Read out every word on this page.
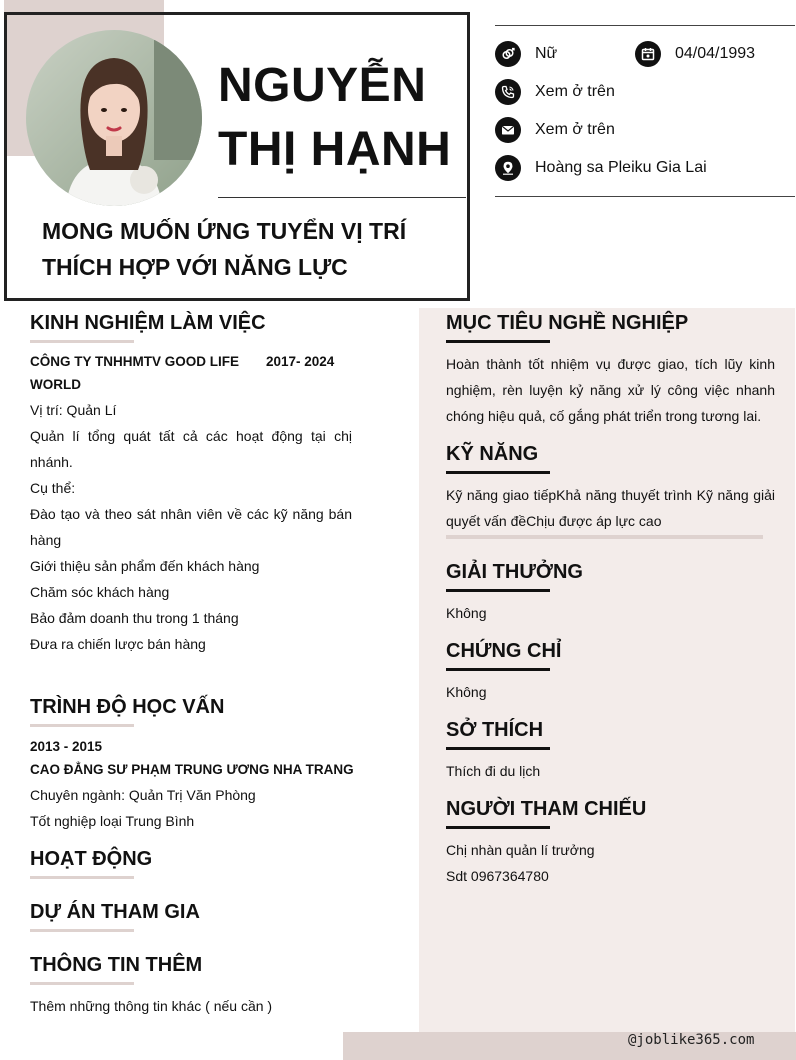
NGUYỄN
THỊ HẠNH
MONG MUỐN ỨNG TUYỂN VỊ TRÍ THÍCH HỢP VỚI NĂNG LỰC
Nữ	04/04/1993
Xem ở trên
Xem ở trên
Hoàng sa Pleiku Gia Lai
KINH NGHIỆM LÀM VIỆC
CÔNG TY TNHHMTV GOOD LIFE 2017- 2024
WORLD
Vị trí: Quản Lí
Quản lí tổng quát tất cả các hoạt động tại chị nhánh.
Cụ thể:
Đào tạo và theo sát nhân viên về các kỹ năng bán hàng
Giới thiệu sản phẩm đến khách hàng
Chăm sóc khách hàng
Bảo đảm doanh thu trong 1 tháng
Đưa ra chiến lược bán hàng
TRÌNH ĐỘ HỌC VẤN
2013 - 2015
CAO ĐẲNG SƯ PHẠM TRUNG ƯƠNG NHA TRANG
Chuyên ngành: Quản Trị Văn Phòng
Tốt nghiệp loại Trung Bình
HOẠT ĐỘNG
DỰ ÁN THAM GIA
THÔNG TIN THÊM
Thêm những thông tin khác ( nếu cần )
MỤC TIÊU NGHỀ NGHIỆP
Hoàn thành tốt nhiệm vụ được giao, tích lũy kinh nghiệm, rèn luyện kỷ năng xử lý công việc nhanh chóng hiệu quả, cố gắng phát triển trong tương lai.
KỸ NĂNG
Kỹ năng giao tiếpKhả năng thuyết trình Kỹ năng giải quyết vấn đềChịu được áp lực cao
GIẢI THƯỞNG
Không
CHỨNG CHỈ
Không
SỞ THÍCH
Thích đi du lịch
NGƯỜI THAM CHIẾU
Chị nhàn quản lí trưởng
Sdt 0967364780
@joblike365.com
